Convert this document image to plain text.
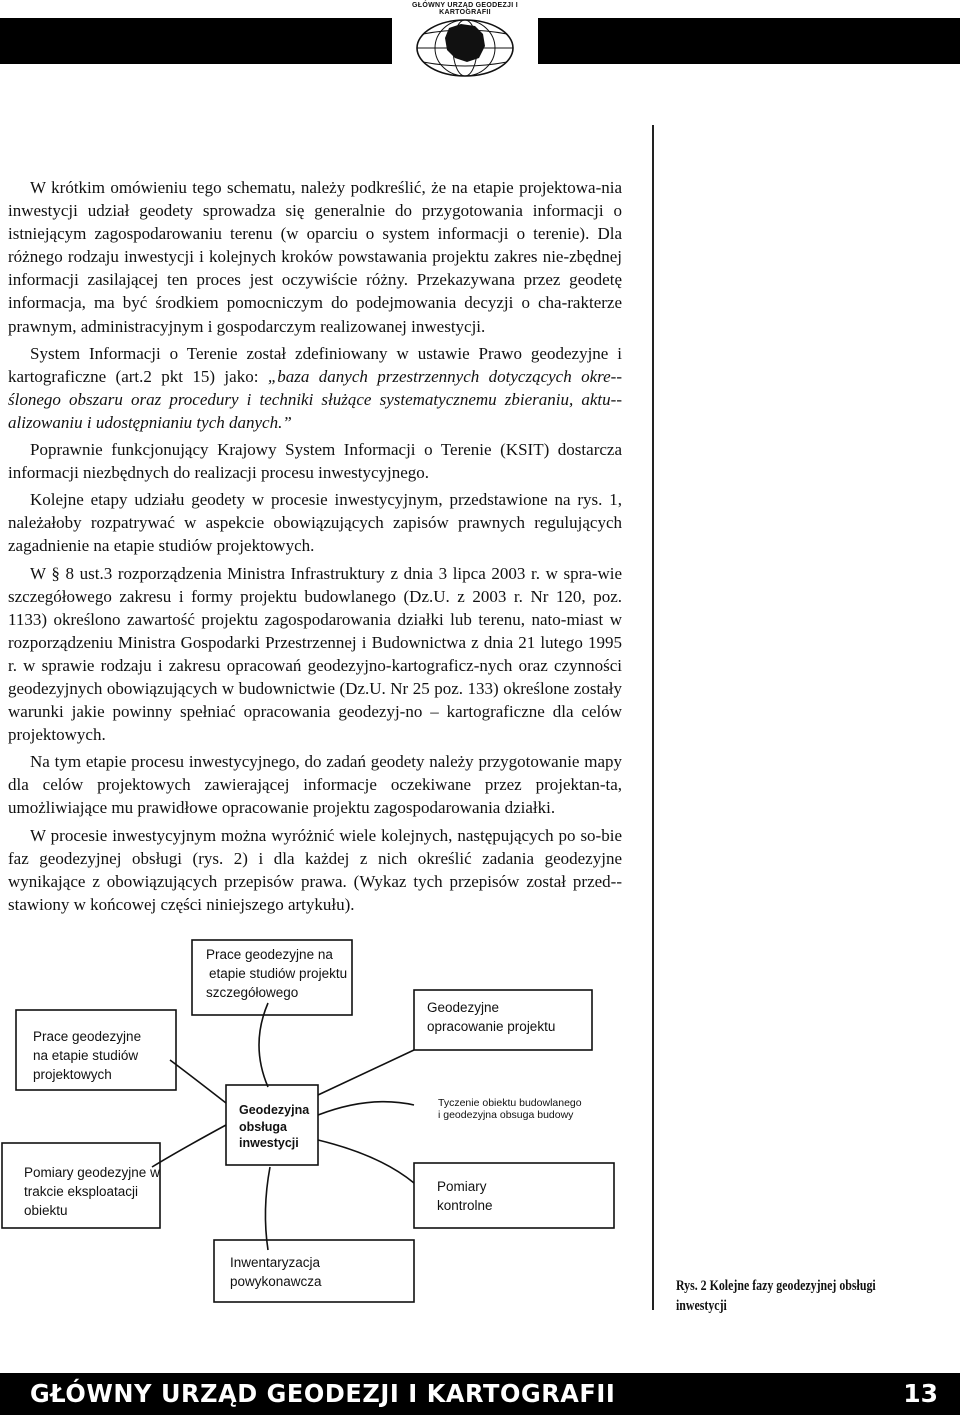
GŁÓWNY URZĄD GEODEZJI I KARTOGRAFII

W krótkim omówieniu tego schematu, należy podkreślić, że na etapie projektowa-nia inwestycji udział geodety sprowadza się generalnie do przygotowania informacji o istniejącym zagospodarowaniu terenu (w oparciu o system informacji o terenie). Dla różnego rodzaju inwestycji i kolejnych kroków powstawania projektu zakres nie-zbędnej informacji zasilającej ten proces jest oczywiście różny. Przekazywana przez geodetę informacja, ma być środkiem pomocniczym do podejmowania decyzji o cha-rakterze prawnym, administracyjnym i gospodarczym realizowanej inwestycji.

System Informacji o Terenie został zdefiniowany w ustawie Prawo geodezyjne i kartograficzne (art.2 pkt 15) jako: „baza danych przestrzennych dotyczących okre-ślonego obszaru oraz procedury i techniki służące systematycznemu zbieraniu, aktu-alizowaniu i udostępnianiu tych danych.”

Poprawnie funkcjonujący Krajowy System Informacji o Terenie (KSIT) dostarcza informacji niezbędnych do realizacji procesu inwestycyjnego.

Kolejne etapy udziału geodety w procesie inwestycyjnym, przedstawione na rys. 1, należałoby rozpatrywać w aspekcie obowiązujących zapisów prawnych regulujących zagadnienie na etapie studiów projektowych.

W § 8 ust.3 rozporządzenia Ministra Infrastruktury z dnia 3 lipca 2003 r. w spra-wie szczegółowego zakresu i formy projektu budowlanego (Dz.U. z 2003 r. Nr 120, poz. 1133) określono zawartość projektu zagospodarowania działki lub terenu, nato-miast w rozporządzeniu Ministra Gospodarki Przestrzennej i Budownictwa z dnia 21 lutego 1995 r. w sprawie rodzaju i zakresu opracowań geodezyjno-kartograficz-nych oraz czynności geodezyjnych obowiązujących w budownictwie (Dz.U. Nr 25 poz. 133) określone zostały warunki jakie powinny spełniać opracowania geodezyj-no – kartograficzne dla celów projektowych.

Na tym etapie procesu inwestycyjnego, do zadań geodety należy przygotowanie mapy dla celów projektowych zawierającej informacje oczekiwane przez projektan-ta, umożliwiające mu prawidłowe opracowanie projektu zagospodarowania działki.

W procesie inwestycyjnym można wyróżnić wiele kolejnych, następujących po so-bie faz geodezyjnej obsługi (rys. 2) i dla każdej z nich określić zadania geodezyjne wynikające z obowiązujących przepisów prawa. (Wykaz tych przepisów został przed-stawiony w końcowej części niniejszego artykułu).

Prace geodezyjne na
etapie studiów projektu
szczegółowego
Prace geodezyjne
na etapie studiów
projektowych
Geodezyjne
opracowanie projektu
Tyczenie obiektu budowlanego
i geodezyjna obsuga budowy
Geodezyjna
obsługa
inwestycji
Pomiary geodezyjne w
trakcie eksploatacji
obiektu
Pomiary
kontrolne
Inwentaryzacja
powykonawcza	Rys. 2 Kolejne fazy geodezyjnej obsługi inwestycji
GŁÓWNY URZĄD GEODEZJI I KARTOGRAFII	13
